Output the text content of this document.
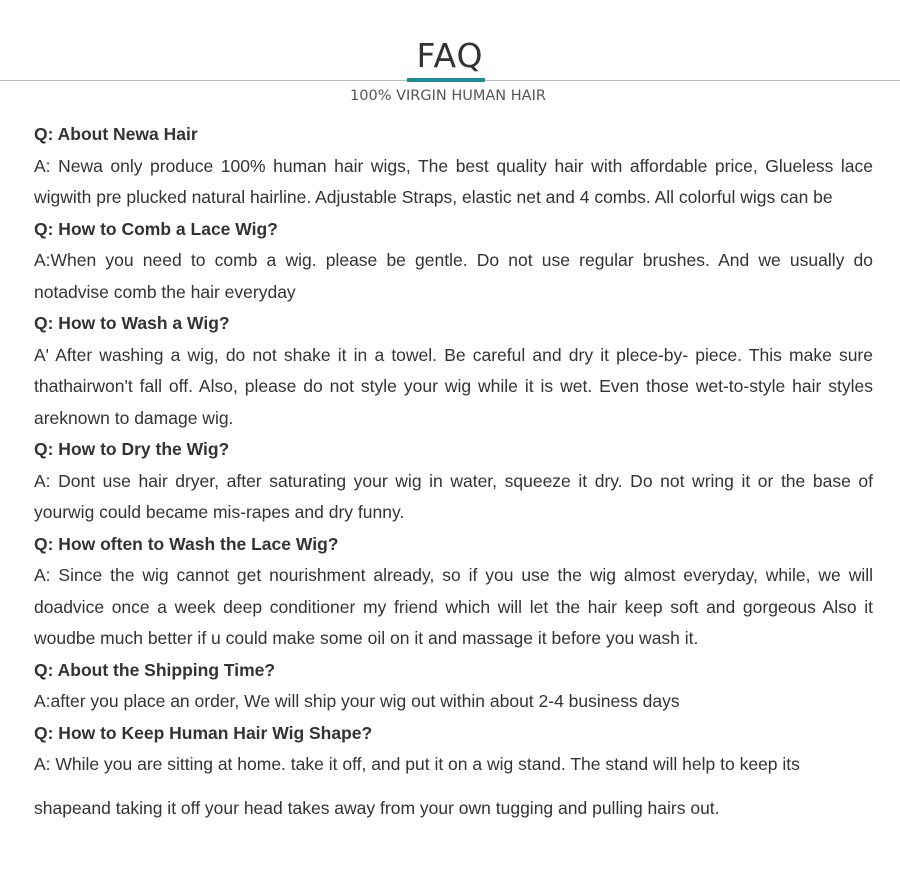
FAQ
100% VIRGIN HUMAN HAIR
Q: About Newa Hair
A: Newa only produce 100% human hair wigs, The best quality hair with affordable price, Glueless lace wigwith pre plucked natural hairline. Adjustable Straps, elastic net and 4 combs. All colorful wigs can be
Q: How to Comb a Lace Wig?
A:When you need to comb a wig. please be gentle. Do not use regular brushes. And we usually do notadvise comb the hair everyday
Q: How to Wash a Wig?
A' After washing a wig, do not shake it in a towel. Be careful and dry it plece-by- piece. This make sure thathairwon't fall off. Also, please do not style your wig while it is wet. Even those wet-to-style hair styles areknown to damage wig.
Q: How to Dry the Wig?
A: Dont use hair dryer, after saturating your wig in water, squeeze it dry. Do not wring it or the base of yourwig could became mis-rapes and dry funny.
Q: How often to Wash the Lace Wig?
A: Since the wig cannot get nourishment already, so if you use the wig almost everyday, while, we will doadvice once a week deep conditioner my friend which will let the hair keep soft and gorgeous Also it woudbe much better if u could make some oil on it and massage it before you wash it.
Q: About the Shipping Time?
A:after you place an order, We will ship your wig out within about 2-4 business days
Q: How to Keep Human Hair Wig Shape?
A: While you are sitting at home. take it off, and put it on a wig stand. The stand will help to keep its
shapeand taking it off your head takes away from your own tugging and pulling hairs out.
